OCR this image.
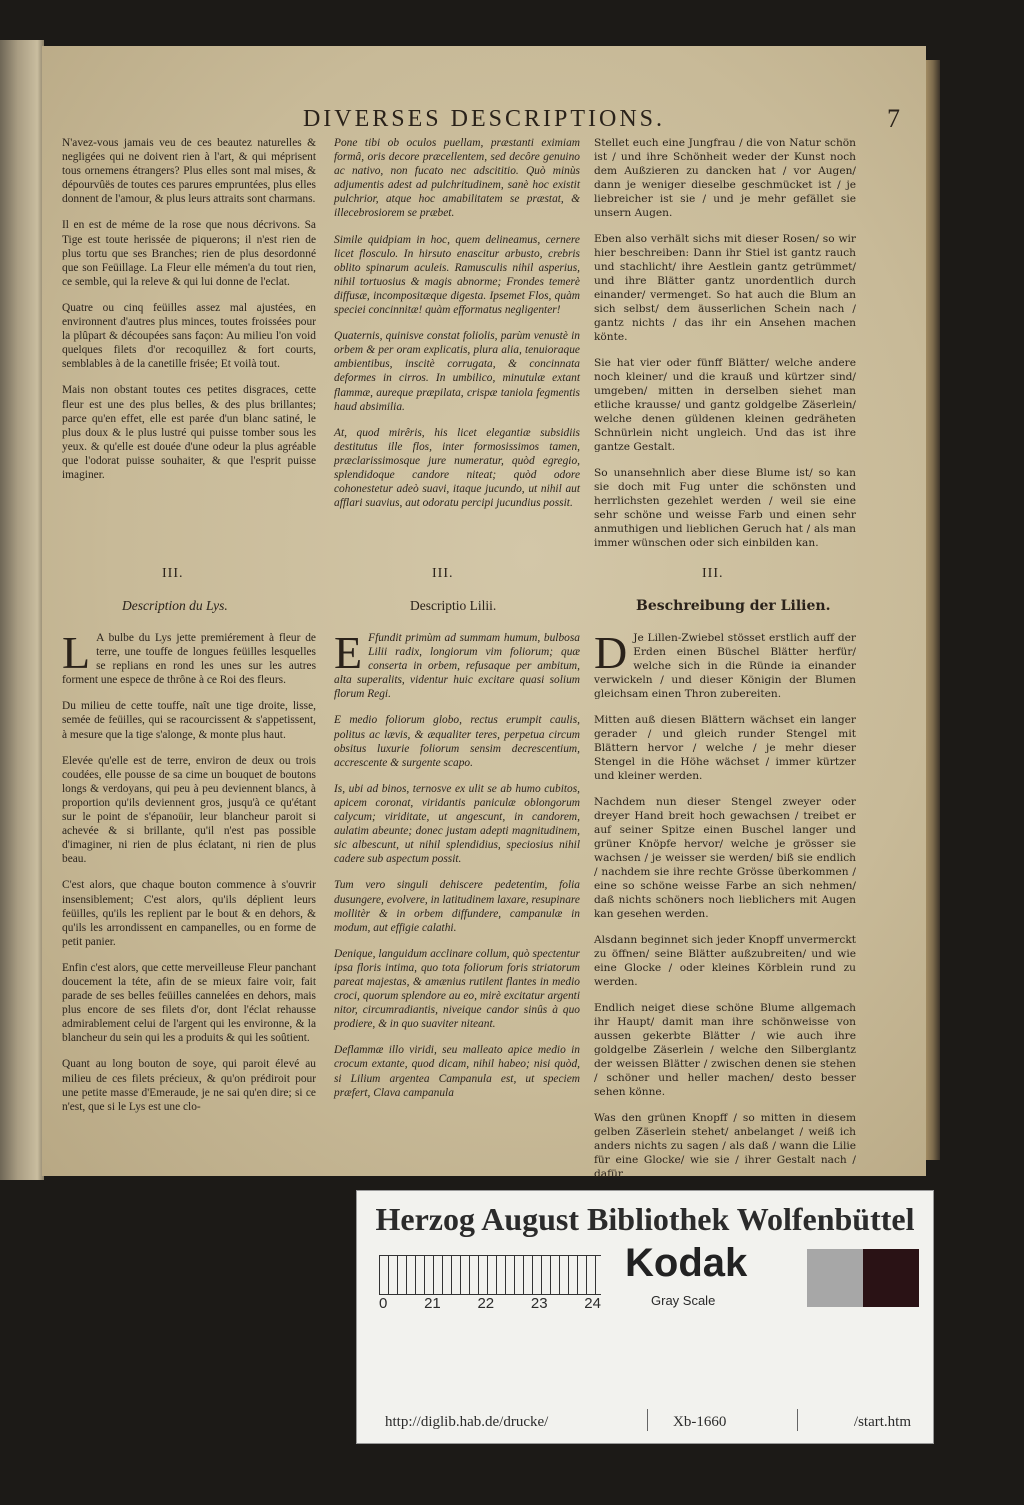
DIVERSES DESCRIPTIONS.	7

N'avez-vous jamais veu de ces beautez naturelles & negligées qui ne doivent rien à l'art, & qui méprisent tous ornemens étrangers? Plus elles sont mal mises, & dépourvûës de toutes ces parures empruntées, plus elles donnent de l'amour, & plus leurs attraits sont charmans.

Il en est de méme de la rose que nous décrivons. Sa Tige est toute herissée de piquerons; il n'est rien de plus tortu que ses Branches; rien de plus desordonné que son Feüillage. La Fleur elle mémen'a du tout rien, ce semble, qui la releve & qui lui donne de l'eclat.

Quatre ou cinq feüilles assez mal ajustées, en environnent d'autres plus minces, toutes froissées pour la plûpart & découpées sans façon: Au milieu l'on void quelques filets d'or recoquillez & fort courts, semblables à de la canetille frisée; Et voilà tout.

Mais non obstant toutes ces petites disgraces, cette fleur est une des plus belles, & des plus brillantes; parce qu'en effet, elle est parée d'un blanc satiné, le plus doux & le plus lustré qui puisse tomber sous les yeux. & qu'elle est douée d'une odeur la plus agréable que l'odorat puisse souhaiter, & que l'esprit puisse imaginer.

Pone tibi ob oculos puellam, præstanti eximiam formâ, oris decore præcellentem, sed decôre genuino ac nativo, non fucato nec adscititio. Quò minùs adjumentis adest ad pulchritudinem, sanè hoc existit pulchrior, atque hoc amabilitatem se præstat, & illecebrosiorem se præbet.

Simile quidpiam in hoc, quem delineamus, cernere licet flosculo. In hirsuto enascitur arbusto, crebris oblito spinarum aculeis. Ramusculis nihil asperius, nihil tortuosius & magis abnorme; Frondes temerè diffusæ, incompositæque digesta. Ipsemet Flos, quàm speciei concinnitæ! quàm efformatus negligenter!

Quaternis, quinisve constat foliolis, parùm venustè in orbem & per oram explicatis, plura alia, tenuioraque ambientibus, inscitè corrugata, & concinnata deformes in cirros. In umbilico, minutulæ extant flammæ, aureque præpilata, crispæ taniola fegmentis haud absimilia.

At, quod mirêris, his licet elegantiæ subsidiis destitutus ille flos, inter formosissimos tamen, præclarissimosque jure numeratur, quòd egregio, splendidoque candore niteat; quòd odore cohonestetur adeò suavi, itaque jucundo, ut nihil aut afflari suavius, aut odoratu percipi jucundius possit.

Stellet euch eine Jungfrau / die von Natur schön ist / und ihre Schönheit weder der Kunst noch dem Außzieren zu dancken hat / vor Augen/ dann je weniger dieselbe geschmücket ist / je liebreicher ist sie / und je mehr gefället sie unsern Augen.

Eben also verhält sichs mit dieser Rosen/ so wir hier beschreiben: Dann ihr Stiel ist gantz rauch und stachlicht/ ihre Aestlein gantz getrümmet/ und ihre Blätter gantz unordentlich durch einander/ vermenget. So hat auch die Blum an sich selbst/ dem äusserlichen Schein nach / gantz nichts / das ihr ein Ansehen machen könte.

Sie hat vier oder fünff Blätter/ welche andere noch kleiner/ und die krauß und kürtzer sind/ umgeben/ mitten in derselben siehet man etliche krausse/ und gantz goldgelbe Zäserlein/ welche denen güldenen kleinen gedräheten Schnürlein nicht ungleich. Und das ist ihre gantze Gestalt.

So unansehnlich aber diese Blume ist/ so kan sie doch mit Fug unter die schönsten und herrlichsten gezehlet werden / weil sie eine sehr schöne und weisse Farb und einen sehr anmuthigen und lieblichen Geruch hat / als man immer wünschen oder sich einbilden kan.

III.	III.	III.
Description du Lys.	Descriptio Lilii.	Beschreibung der Lilien.

L A bulbe du Lys jette premiérement à fleur de terre, une touffe de longues feüilles lesquelles se replians en rond les unes sur les autres forment une espece de thrône à ce Roi des fleurs.

Du milieu de cette touffe, naît une tige droite, lisse, semée de feüilles, qui se racourcissent & s'appetissent, à mesure que la tige s'alonge, & monte plus haut.

Elevée qu'elle est de terre, environ de deux ou trois coudées, elle pousse de sa cime un bouquet de boutons longs & verdoyans, qui peu à peu deviennent blancs, à proportion qu'ils deviennent gros, jusqu'à ce qu'étant sur le point de s'épanoüir, leur blancheur paroit si achevée & si brillante, qu'il n'est pas possible d'imaginer, ni rien de plus éclatant, ni rien de plus beau.

C'est alors, que chaque bouton commence à s'ouvrir insensiblement; C'est alors, qu'ils déplient leurs feüilles, qu'ils les replient par le bout & en dehors, & qu'ils les arrondissent en campanelles, ou en forme de petit panier.

Enfin c'est alors, que cette merveilleuse Fleur panchant doucement la téte, afin de se mieux faire voir, fait parade de ses belles feüilles cannelées en dehors, mais plus encore de ses filets d'or, dont l'éclat rehausse admirablement celui de l'argent qui les environne, & la blancheur du sein qui les a produits & qui les soûtient.

Quant au long bouton de soye, qui paroit élevé au milieu de ces filets précieux, & qu'on prédiroit pour une petite masse d'Emeraude, je ne sai qu'en dire; si ce n'est, que si le Lys est une clo-

E Ffundit primùm ad summam humum, bulbosa Lilii radix, longiorum vim foliorum; quæ conserta in orbem, refusaque per ambitum, alta superalits, videntur huic excitare quasi solium florum Regi.

E medio foliorum globo, rectus erumpit caulis, politus ac lævis, & æqualiter teres, perpetua circum obsitus luxurie foliorum sensim decrescentium, accrescente & surgente scapo.

Is, ubi ad binos, ternosve ex ulit se ab humo cubitos, apicem coronat, viridantis paniculæ oblongorum calycum; viriditate, ut angescunt, in candorem, aulatim abeunte; donec justam adepti magnitudinem, sic albescunt, ut nihil splendidius, speciosius nihil cadere sub aspectum possit.

Tum vero singuli dehiscere pedetentim, folia dusungere, evolvere, in latitudinem laxare, resupinare mollitèr & in orbem diffundere, campanulæ in modum, aut effigie calathi.

Denique, languidum acclinare collum, quò spectentur ipsa floris intima, quo tota foliorum foris striatorum pareat majestas, & amænius rutilent flantes in medio croci, quorum splendore au eo, mirè excitatur argenti nitor, circumradiantis, niveique candor sinûs à quo prodiere, & in quo suaviter niteant.

Deflammæ illo viridi, seu malleato apice medio in crocum extante, quod dicam, nihil habeo; nisi quòd, si Lilium argentea Campanula est, ut speciem præfert, Clava campanula

D Je Lillen-Zwiebel stösset erstlich auff der Erden einen Büschel Blätter herfür/ welche sich in die Ründe ia einander verwickeln / und dieser Königin der Blumen gleichsam einen Thron zubereiten.

Mitten auß diesen Blättern wächset ein langer gerader / und gleich runder Stengel mit Blättern hervor / welche / je mehr dieser Stengel in die Höhe wächset / immer kürtzer und kleiner werden.

Nachdem nun dieser Stengel zweyer oder dreyer Hand breit hoch gewachsen / treibet er auf seiner Spitze einen Buschel langer und grüner Knöpfe hervor/ welche je grösser sie wachsen / je weisser sie werden/ biß sie endlich / nachdem sie ihre rechte Grösse überkommen / eine so schöne weisse Farbe an sich nehmen/ daß nichts schöners noch lieblichers mit Augen kan gesehen werden.

Alsdann beginnet sich jeder Knopff unvermerckt zu öffnen/ seine Blätter außzubreiten/ und wie eine Glocke / oder kleines Körblein rund zu werden.

Endlich neiget diese schöne Blume allgemach ihr Haupt/ damit man ihre schönweisse von aussen gekerbte Blätter / wie auch ihre goldgelbe Zäserlein / welche den Silberglantz der weissen Blätter / zwischen denen sie stehen / schöner und heller machen/ desto besser sehen könne.

Was den grünen Knopff / so mitten in diesem gelben Zäserlein stehet/ anbelanget / weiß ich anders nichts zu sagen / als daß / wann die Lilie für eine Glocke/ wie sie / ihrer Gestalt nach / dafür

Herzog August Bibliothek Wolfenbüttel
0 21 22 23 24
Kodak
Gray Scale
http://diglib.hab.de/drucke/	Xb-1660	/start.htm
